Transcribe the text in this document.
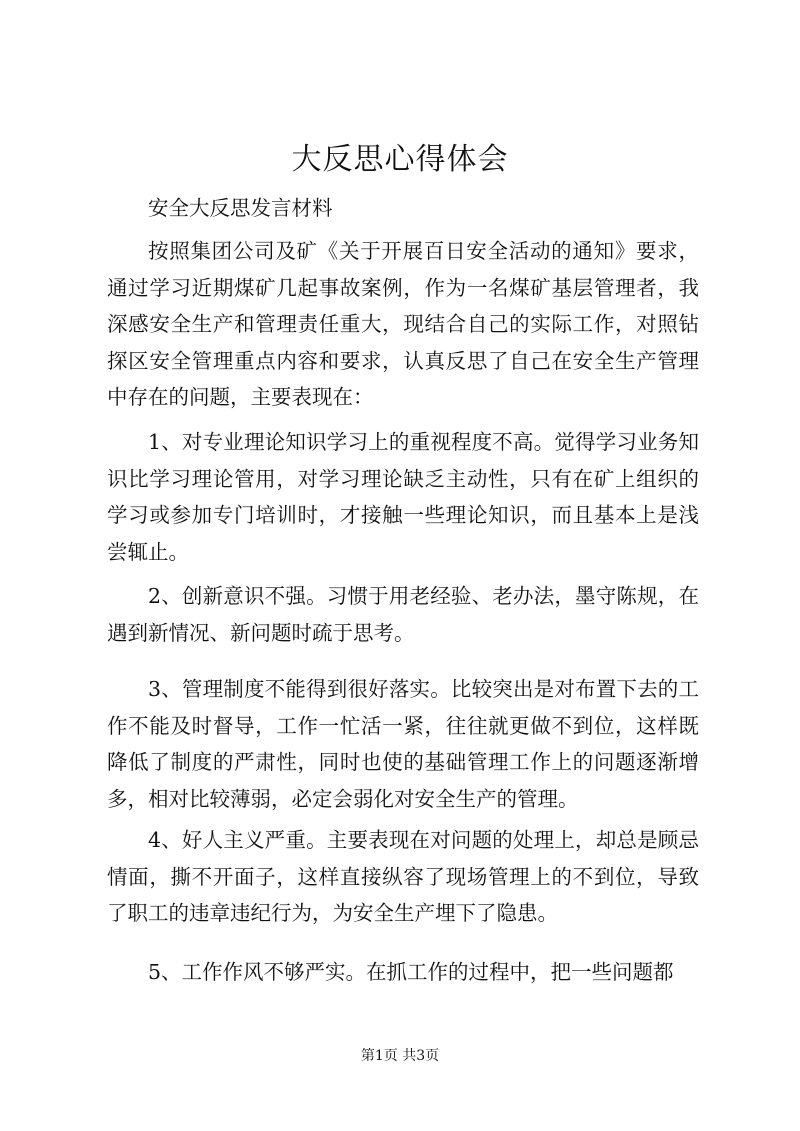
大反思心得体会
安全大反思发言材料

按照集团公司及矿《关于开展百日安全活动的通知》要求，通过学习近期煤矿几起事故案例，作为一名煤矿基层管理者，我深感安全生产和管理责任重大，现结合自己的实际工作，对照钻探区安全管理重点内容和要求，认真反思了自己在安全生产管理中存在的问题，主要表现在：

1、对专业理论知识学习上的重视程度不高。觉得学习业务知识比学习理论管用，对学习理论缺乏主动性，只有在矿上组织的学习或参加专门培训时，才接触一些理论知识，而且基本上是浅尝辄止。

2、创新意识不强。习惯于用老经验、老办法，墨守陈规，在遇到新情况、新问题时疏于思考。

3、管理制度不能得到很好落实。比较突出是对布置下去的工作不能及时督导，工作一忙活一紧，往往就更做不到位，这样既降低了制度的严肃性，同时也使的基础管理工作上的问题逐渐增多，相对比较薄弱，必定会弱化对安全生产的管理。

4、好人主义严重。主要表现在对问题的处理上，却总是顾忌情面，撕不开面子，这样直接纵容了现场管理上的不到位，导致了职工的违章违纪行为，为安全生产埋下了隐患。

5、工作作风不够严实。在抓工作的过程中，把一些问题都

第1页 共3页
